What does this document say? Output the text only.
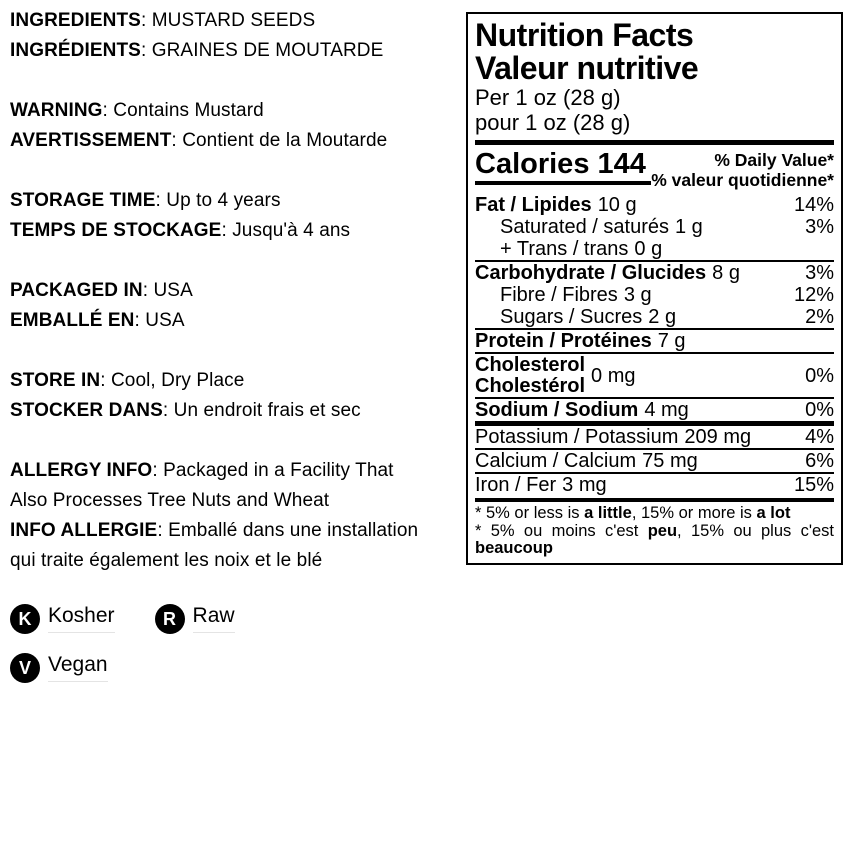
INGREDIENTS: MUSTARD SEEDS
INGRÉDIENTS: GRAINES DE MOUTARDE
WARNING: Contains Mustard
AVERTISSEMENT: Contient de la Moutarde
STORAGE TIME: Up to 4 years
TEMPS DE STOCKAGE: Jusqu'à 4 ans
PACKAGED IN: USA
EMBALLÉ EN: USA
STORE IN: Cool, Dry Place
STOCKER DANS: Un endroit frais et sec
ALLERGY INFO: Packaged in a Facility That
Also Processes Tree Nuts and Wheat
INFO ALLERGIE: Emballé dans une installation
qui traite également les noix et le blé
K Kosher	R Raw
V Vegan
Nutrition Facts
Valeur nutritive
Per 1 oz (28 g)
pour 1 oz (28 g)
Calories 144	% Daily Value*
% valeur quotidienne*
Fat / Lipides 10 g	14%
Saturated / saturés 1 g	3%
+ Trans / trans 0 g
Carbohydrate / Glucides 8 g	3%
Fibre / Fibres 3 g	12%
Sugars / Sucres 2 g	2%
Protein / Protéines 7 g
Cholesterol
Cholestérol 0 mg	0%
Sodium / Sodium 4 mg	0%
Potassium / Potassium 209 mg	4%
Calcium / Calcium 75 mg	6%
Iron / Fer 3 mg	15%

* 5% or less is a little, 15% or more is a lot

* 5% ou moins c'est peu, 15% ou plus c'est beaucoup
